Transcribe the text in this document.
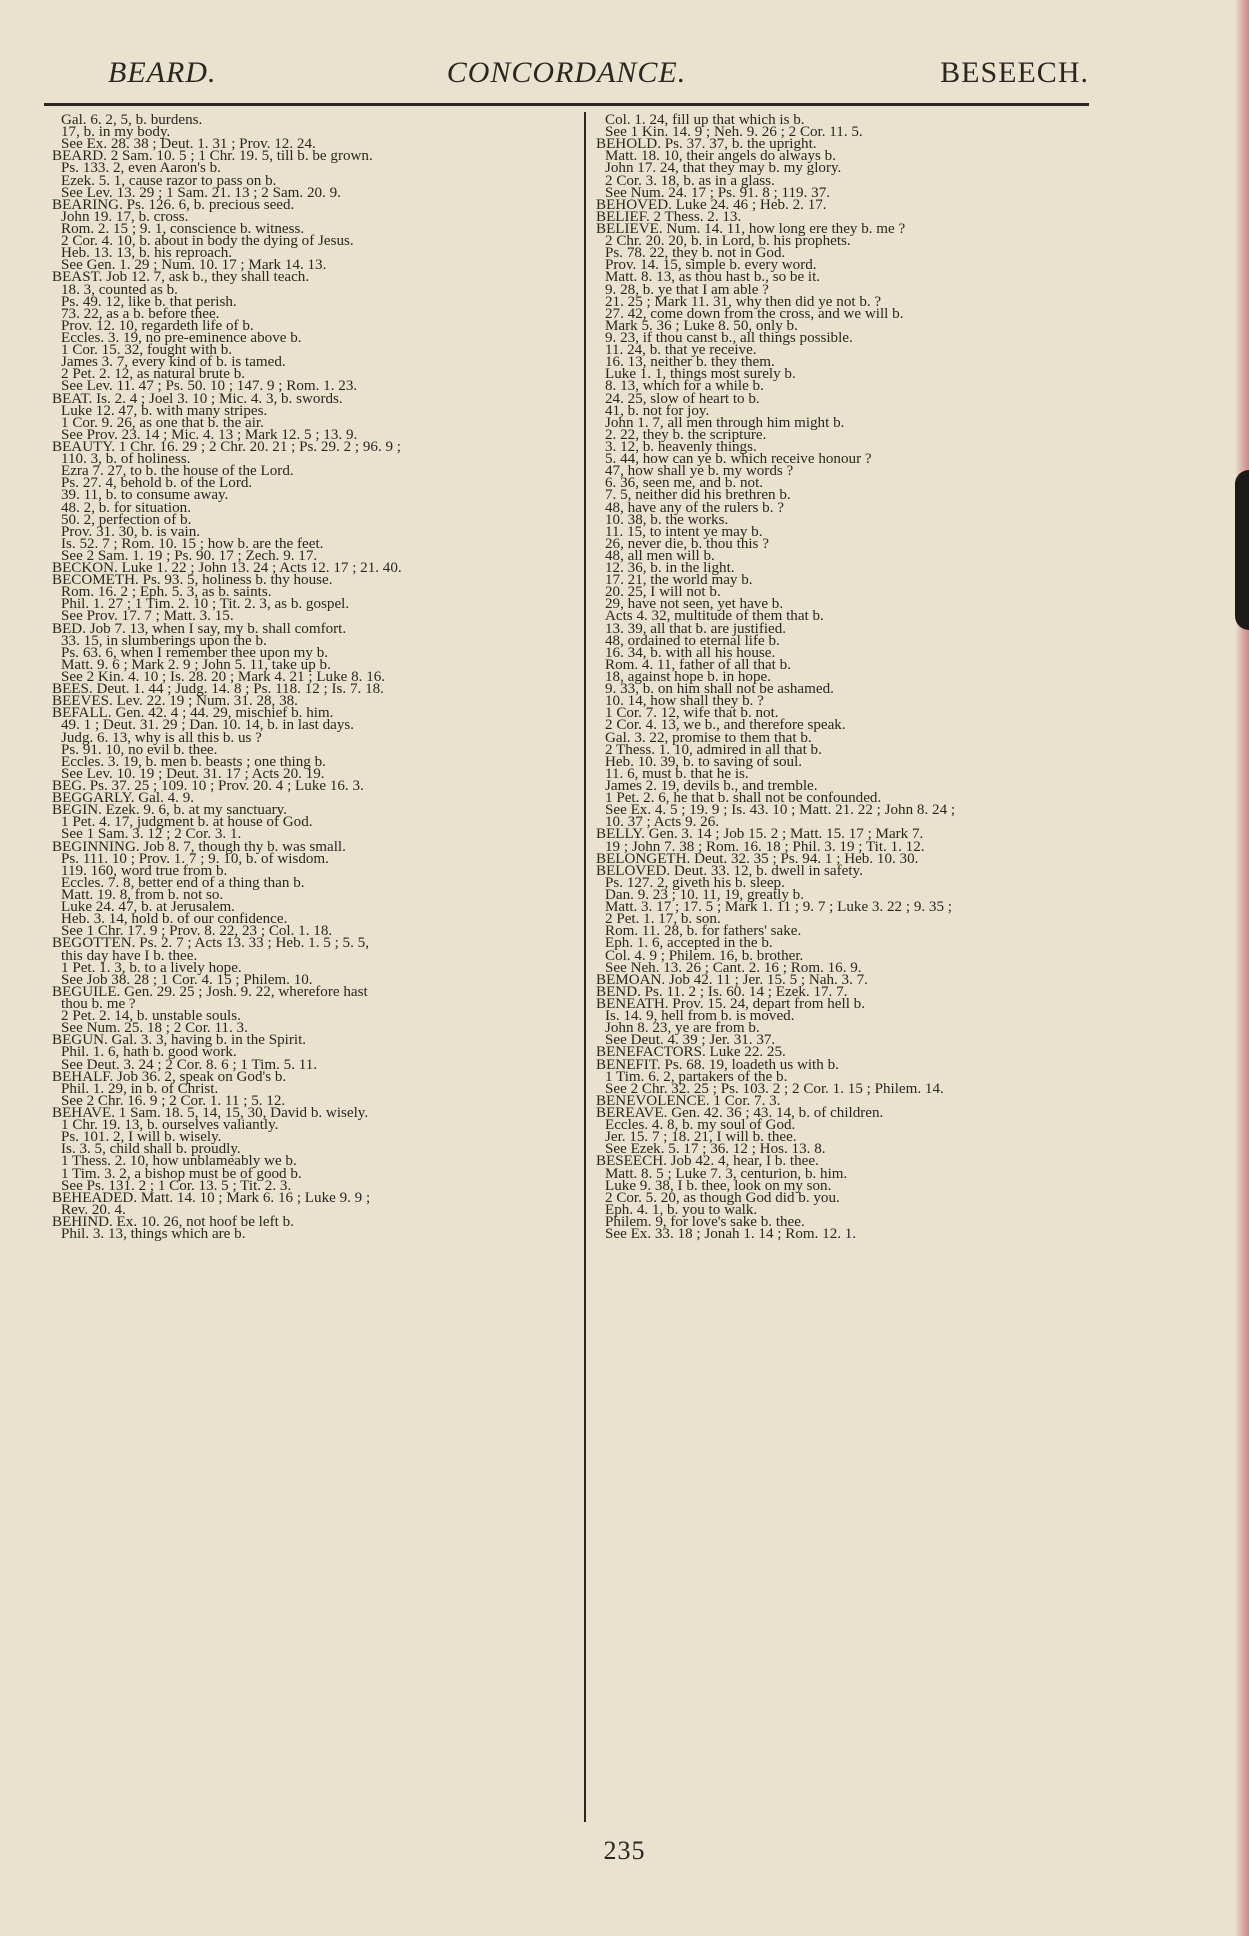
BEARD.	CONCORDANCE.	BESEECH.
Gal. 6. 2, 5, b. burdens.
17, b. in my body.
See Ex. 28. 38 ; Deut. 1. 31 ; Prov. 12. 24.
BEARD. 2 Sam. 10. 5 ; 1 Chr. 19. 5, till b. be grown.
Ps. 133. 2, even Aaron's b.
Ezek. 5. 1, cause razor to pass on b.
See Lev. 13. 29 ; 1 Sam. 21. 13 ; 2 Sam. 20. 9.
BEARING. Ps. 126. 6, b. precious seed.
John 19. 17, b. cross.
Rom. 2. 15 ; 9. 1, conscience b. witness.
2 Cor. 4. 10, b. about in body the dying of Jesus.
Heb. 13. 13, b. his reproach.
See Gen. 1. 29 ; Num. 10. 17 ; Mark 14. 13.
BEAST. Job 12. 7, ask b., they shall teach.
18. 3, counted as b.
Ps. 49. 12, like b. that perish.
73. 22, as a b. before thee.
Prov. 12. 10, regardeth life of b.
Eccles. 3. 19, no pre-eminence above b.
1 Cor. 15. 32, fought with b.
James 3. 7, every kind of b. is tamed.
2 Pet. 2. 12, as natural brute b.
See Lev. 11. 47 ; Ps. 50. 10 ; 147. 9 ; Rom. 1. 23.
BEAT. Is. 2. 4 ; Joel 3. 10 ; Mic. 4. 3, b. swords.
Luke 12. 47, b. with many stripes.
1 Cor. 9. 26, as one that b. the air.
See Prov. 23. 14 ; Mic. 4. 13 ; Mark 12. 5 ; 13. 9.
BEAUTY. 1 Chr. 16. 29 ; 2 Chr. 20. 21 ; Ps. 29. 2 ; 96. 9 ;
110. 3, b. of holiness.
Ezra 7. 27, to b. the house of the Lord.
Ps. 27. 4, behold b. of the Lord.
39. 11, b. to consume away.
48. 2, b. for situation.
50. 2, perfection of b.
Prov. 31. 30, b. is vain.
Is. 52. 7 ; Rom. 10. 15 ; how b. are the feet.
See 2 Sam. 1. 19 ; Ps. 90. 17 ; Zech. 9. 17.
BECKON. Luke 1. 22 ; John 13. 24 ; Acts 12. 17 ; 21. 40.
BECOMETH. Ps. 93. 5, holiness b. thy house.
Rom. 16. 2 ; Eph. 5. 3, as b. saints.
Phil. 1. 27 ; 1 Tim. 2. 10 ; Tit. 2. 3, as b. gospel.
See Prov. 17. 7 ; Matt. 3. 15.
BED. Job 7. 13, when I say, my b. shall comfort.
33. 15, in slumberings upon the b.
Ps. 63. 6, when I remember thee upon my b.
Matt. 9. 6 ; Mark 2. 9 ; John 5. 11, take up b.
See 2 Kin. 4. 10 ; Is. 28. 20 ; Mark 4. 21 ; Luke 8. 16.
BEES. Deut. 1. 44 ; Judg. 14. 8 ; Ps. 118. 12 ; Is. 7. 18.
BEEVES. Lev. 22. 19 ; Num. 31. 28, 38.
BEFALL. Gen. 42. 4 ; 44. 29, mischief b. him.
49. 1 ; Deut. 31. 29 ; Dan. 10. 14, b. in last days.
Judg. 6. 13, why is all this b. us ?
Ps. 91. 10, no evil b. thee.
Eccles. 3. 19, b. men b. beasts ; one thing b.
See Lev. 10. 19 ; Deut. 31. 17 ; Acts 20. 19.
BEG. Ps. 37. 25 ; 109. 10 ; Prov. 20. 4 ; Luke 16. 3.
BEGGARLY. Gal. 4. 9.
BEGIN. Ezek. 9. 6, b. at my sanctuary.
1 Pet. 4. 17, judgment b. at house of God.
See 1 Sam. 3. 12 ; 2 Cor. 3. 1.
BEGINNING. Job 8. 7, though thy b. was small.
Ps. 111. 10 ; Prov. 1. 7 ; 9. 10, b. of wisdom.
119. 160, word true from b.
Eccles. 7. 8, better end of a thing than b.
Matt. 19. 8, from b. not so.
Luke 24. 47, b. at Jerusalem.
Heb. 3. 14, hold b. of our confidence.
See 1 Chr. 17. 9 ; Prov. 8. 22, 23 ; Col. 1. 18.
BEGOTTEN. Ps. 2. 7 ; Acts 13. 33 ; Heb. 1. 5 ; 5. 5,
this day have I b. thee.
1 Pet. 1. 3, b. to a lively hope.
See Job 38. 28 ; 1 Cor. 4. 15 ; Philem. 10.
BEGUILE. Gen. 29. 25 ; Josh. 9. 22, wherefore hast
thou b. me ?
2 Pet. 2. 14, b. unstable souls.
See Num. 25. 18 ; 2 Cor. 11. 3.
BEGUN. Gal. 3. 3, having b. in the Spirit.
Phil. 1. 6, hath b. good work.
See Deut. 3. 24 ; 2 Cor. 8. 6 ; 1 Tim. 5. 11.
BEHALF. Job 36. 2, speak on God's b.
Phil. 1. 29, in b. of Christ.
See 2 Chr. 16. 9 ; 2 Cor. 1. 11 ; 5. 12.
BEHAVE. 1 Sam. 18. 5, 14, 15, 30, David b. wisely.
1 Chr. 19. 13, b. ourselves valiantly.
Ps. 101. 2, I will b. wisely.
Is. 3. 5, child shall b. proudly.
1 Thess. 2. 10, how unblameably we b.
1 Tim. 3. 2, a bishop must be of good b.
See Ps. 131. 2 ; 1 Cor. 13. 5 ; Tit. 2. 3.
BEHEADED. Matt. 14. 10 ; Mark 6. 16 ; Luke 9. 9 ;
Rev. 20. 4.
BEHIND. Ex. 10. 26, not hoof be left b.
Phil. 3. 13, things which are b.
Col. 1. 24, fill up that which is b.
See 1 Kin. 14. 9 ; Neh. 9. 26 ; 2 Cor. 11. 5.
BEHOLD. Ps. 37. 37, b. the upright.
Matt. 18. 10, their angels do always b.
John 17. 24, that they may b. my glory.
2 Cor. 3. 18, b. as in a glass.
See Num. 24. 17 ; Ps. 91. 8 ; 119. 37.
BEHOVED. Luke 24. 46 ; Heb. 2. 17.
BELIEF. 2 Thess. 2. 13.
BELIEVE. Num. 14. 11, how long ere they b. me ?
2 Chr. 20. 20, b. in Lord, b. his prophets.
Ps. 78. 22, they b. not in God.
Prov. 14. 15, simple b. every word.
Matt. 8. 13, as thou hast b., so be it.
9. 28, b. ye that I am able ?
21. 25 ; Mark 11. 31, why then did ye not b. ?
27. 42, come down from the cross, and we will b.
Mark 5. 36 ; Luke 8. 50, only b.
9. 23, if thou canst b., all things possible.
11. 24, b. that ye receive.
16. 13, neither b. they them.
Luke 1. 1, things most surely b.
8. 13, which for a while b.
24. 25, slow of heart to b.
41, b. not for joy.
John 1. 7, all men through him might b.
2. 22, they b. the scripture.
3. 12, b. heavenly things.
5. 44, how can ye b. which receive honour ?
47, how shall ye b. my words ?
6. 36, seen me, and b. not.
7. 5, neither did his brethren b.
48, have any of the rulers b. ?
10. 38, b. the works.
11. 15, to intent ye may b.
26, never die, b. thou this ?
48, all men will b.
12. 36, b. in the light.
17. 21, the world may b.
20. 25, I will not b.
29, have not seen, yet have b.
Acts 4. 32, multitude of them that b.
13. 39, all that b. are justified.
48, ordained to eternal life b.
16. 34, b. with all his house.
Rom. 4. 11, father of all that b.
18, against hope b. in hope.
9. 33, b. on him shall not be ashamed.
10. 14, how shall they b. ?
1 Cor. 7. 12, wife that b. not.
2 Cor. 4. 13, we b., and therefore speak.
Gal. 3. 22, promise to them that b.
2 Thess. 1. 10, admired in all that b.
Heb. 10. 39, b. to saving of soul.
11. 6, must b. that he is.
James 2. 19, devils b., and tremble.
1 Pet. 2. 6, he that b. shall not be confounded.
See Ex. 4. 5 ; 19. 9 ; Is. 43. 10 ; Matt. 21. 22 ; John 8. 24 ;
10. 37 ; Acts 9. 26.
BELLY. Gen. 3. 14 ; Job 15. 2 ; Matt. 15. 17 ; Mark 7.
19 ; John 7. 38 ; Rom. 16. 18 ; Phil. 3. 19 ; Tit. 1. 12.
BELONGETH. Deut. 32. 35 ; Ps. 94. 1 ; Heb. 10. 30.
BELOVED. Deut. 33. 12, b. dwell in safety.
Ps. 127. 2, giveth his b. sleep.
Dan. 9. 23 ; 10. 11, 19, greatly b.
Matt. 3. 17 ; 17. 5 ; Mark 1. 11 ; 9. 7 ; Luke 3. 22 ; 9. 35 ;
2 Pet. 1. 17, b. son.
Rom. 11. 28, b. for fathers' sake.
Eph. 1. 6, accepted in the b.
Col. 4. 9 ; Philem. 16, b. brother.
See Neh. 13. 26 ; Cant. 2. 16 ; Rom. 16. 9.
BEMOAN. Job 42. 11 ; Jer. 15. 5 ; Nah. 3. 7.
BEND. Ps. 11. 2 ; Is. 60. 14 ; Ezek. 17. 7.
BENEATH. Prov. 15. 24, depart from hell b.
Is. 14. 9, hell from b. is moved.
John 8. 23, ye are from b.
See Deut. 4. 39 ; Jer. 31. 37.
BENEFACTORS. Luke 22. 25.
BENEFIT. Ps. 68. 19, loadeth us with b.
1 Tim. 6. 2, partakers of the b.
See 2 Chr. 32. 25 ; Ps. 103. 2 ; 2 Cor. 1. 15 ; Philem. 14.
BENEVOLENCE. 1 Cor. 7. 3.
BEREAVE. Gen. 42. 36 ; 43. 14, b. of children.
Eccles. 4. 8, b. my soul of God.
Jer. 15. 7 ; 18. 21, I will b. thee.
See Ezek. 5. 17 ; 36. 12 ; Hos. 13. 8.
BESEECH. Job 42. 4, hear, I b. thee.
Matt. 8. 5 ; Luke 7. 3, centurion, b. him.
Luke 9. 38, I b. thee, look on my son.
2 Cor. 5. 20, as though God did b. you.
Eph. 4. 1, b. you to walk.
Philem. 9, for love's sake b. thee.
See Ex. 33. 18 ; Jonah 1. 14 ; Rom. 12. 1.
235
